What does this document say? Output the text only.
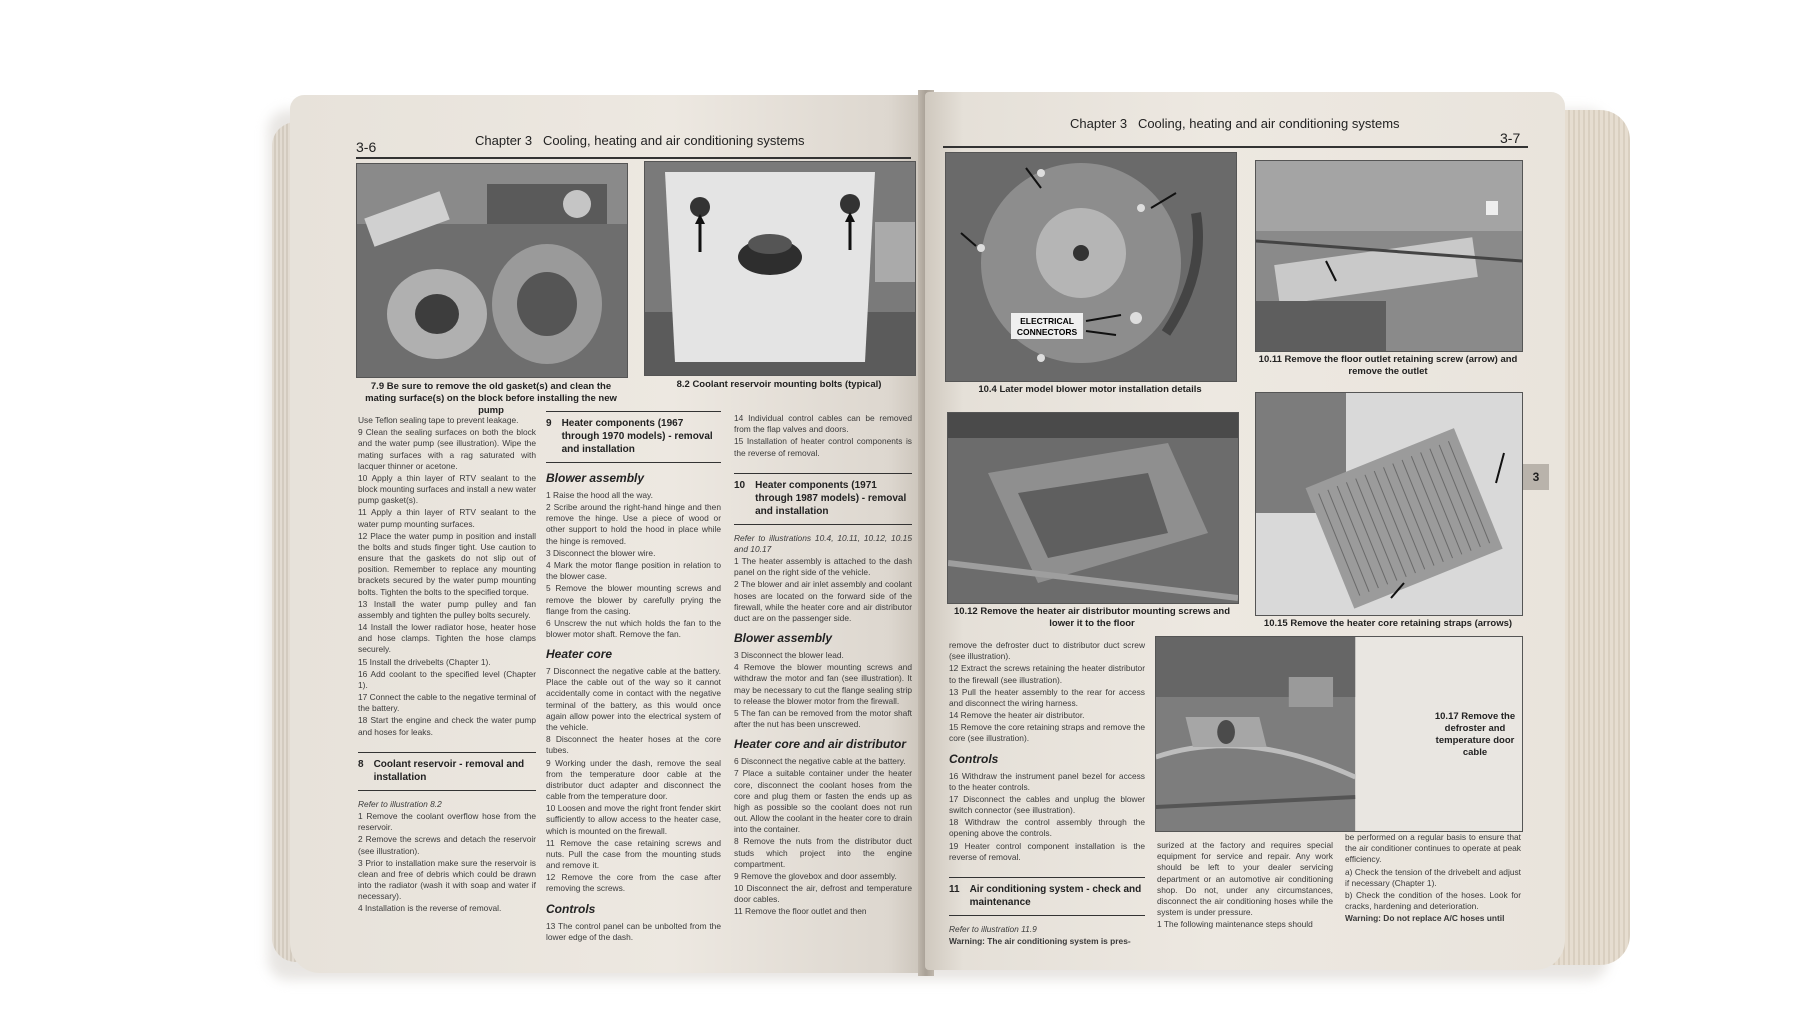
3-6	Chapter 3 Cooling, heating and air conditioning systems
7.9 Be sure to remove the old gasket(s) and clean the mating surface(s) on the block before installing the new pump
8.2 Coolant reservoir mounting bolts (typical)

Use Teflon sealing tape to prevent leakage.

9 Clean the sealing surfaces on both the block and the water pump (see illustration). Wipe the mating surfaces with a rag saturated with lacquer thinner or acetone.

10 Apply a thin layer of RTV sealant to the block mounting surfaces and install a new water pump gasket(s).

11 Apply a thin layer of RTV sealant to the water pump mounting surfaces.

12 Place the water pump in position and install the bolts and studs finger tight. Use caution to ensure that the gaskets do not slip out of position. Remember to replace any mounting brackets secured by the water pump mounting bolts. Tighten the bolts to the specified torque.

13 Install the water pump pulley and fan assembly and tighten the pulley bolts securely.

14 Install the lower radiator hose, heater hose and hose clamps. Tighten the hose clamps securely.

15 Install the drivebelts (Chapter 1).

16 Add coolant to the specified level (Chapter 1).

17 Connect the cable to the negative terminal of the battery.

18 Start the engine and check the water pump and hoses for leaks.

8 Coolant reservoir - removal and installation

Refer to illustration 8.2

1 Remove the coolant overflow hose from the reservoir.

2 Remove the screws and detach the reservoir (see illustration).

3 Prior to installation make sure the reservoir is clean and free of debris which could be drawn into the radiator (wash it with soap and water if necessary).

4 Installation is the reverse of removal.

9 Heater components (1967 through 1970 models) - removal and installation
Blower assembly

1 Raise the hood all the way.

2 Scribe around the right-hand hinge and then remove the hinge. Use a piece of wood or other support to hold the hood in place while the hinge is removed.

3 Disconnect the blower wire.

4 Mark the motor flange position in relation to the blower case.

5 Remove the blower mounting screws and remove the blower by carefully prying the flange from the casing.

6 Unscrew the nut which holds the fan to the blower motor shaft. Remove the fan.

Heater core

7 Disconnect the negative cable at the battery. Place the cable out of the way so it cannot accidentally come in contact with the negative terminal of the battery, as this would once again allow power into the electrical system of the vehicle.

8 Disconnect the heater hoses at the core tubes.

9 Working under the dash, remove the seal from the temperature door cable at the distributor duct adapter and disconnect the cable from the temperature door.

10 Loosen and move the right front fender skirt sufficiently to allow access to the heater case, which is mounted on the firewall.

11 Remove the case retaining screws and nuts. Pull the case from the mounting studs and remove it.

12 Remove the core from the case after removing the screws.

Controls

13 The control panel can be unbolted from the lower edge of the dash.

14 Individual control cables can be removed from the flap valves and doors.

15 Installation of heater control components is the reverse of removal.

10 Heater components (1971 through 1987 models) - removal and installation

Refer to illustrations 10.4, 10.11, 10.12, 10.15 and 10.17

1 The heater assembly is attached to the dash panel on the right side of the vehicle.

2 The blower and air inlet assembly and coolant hoses are located on the forward side of the firewall, while the heater core and air distributor duct are on the passenger side.

Blower assembly

3 Disconnect the blower lead.

4 Remove the blower mounting screws and withdraw the motor and fan (see illustration). It may be necessary to cut the flange sealing strip to release the blower motor from the firewall.

5 The fan can be removed from the motor shaft after the nut has been unscrewed.

Heater core and air distributor

6 Disconnect the negative cable at the battery.

7 Place a suitable container under the heater core, disconnect the coolant hoses from the core and plug them or fasten the ends up as high as possible so the coolant does not run out. Allow the coolant in the heater core to drain into the container.

8 Remove the nuts from the distributor duct studs which project into the engine compartment.

9 Remove the glovebox and door assembly.

10 Disconnect the air, defrost and temperature door cables.

11 Remove the floor outlet and then

Chapter 3 Cooling, heating and air conditioning systems
3-7
ELECTRICAL
CONNECTORS
10.4 Later model blower motor installation details
10.11 Remove the floor outlet retaining screw (arrow) and remove the outlet
10.12 Remove the heater air distributor mounting screws and lower it to the floor	10.15 Remove the heater core retaining straps (arrows)
10.17 Remove the defroster and temperature door cable
3

remove the defroster duct to distributor duct screw (see illustration).

12 Extract the screws retaining the heater distributor to the firewall (see illustration).

13 Pull the heater assembly to the rear for access and disconnect the wiring harness.

14 Remove the heater air distributor.

15 Remove the core retaining straps and remove the core (see illustration).

Controls

16 Withdraw the instrument panel bezel for access to the heater controls.

17 Disconnect the cables and unplug the blower switch connector (see illustration).

18 Withdraw the control assembly through the opening above the controls.

19 Heater control component installation is the reverse of removal.

11 Air conditioning system - check and maintenance

Refer to illustration 11.9

Warning: The air conditioning system is pres-

surized at the factory and requires special equipment for service and repair. Any work should be left to your dealer servicing department or an automotive air conditioning shop. Do not, under any circumstances, disconnect the air conditioning hoses while the system is under pressure.

1 The following maintenance steps should

be performed on a regular basis to ensure that the air conditioner continues to operate at peak efficiency.

a) Check the tension of the drivebelt and adjust if necessary (Chapter 1).

b) Check the condition of the hoses. Look for cracks, hardening and deterioration.

Warning: Do not replace A/C hoses until
